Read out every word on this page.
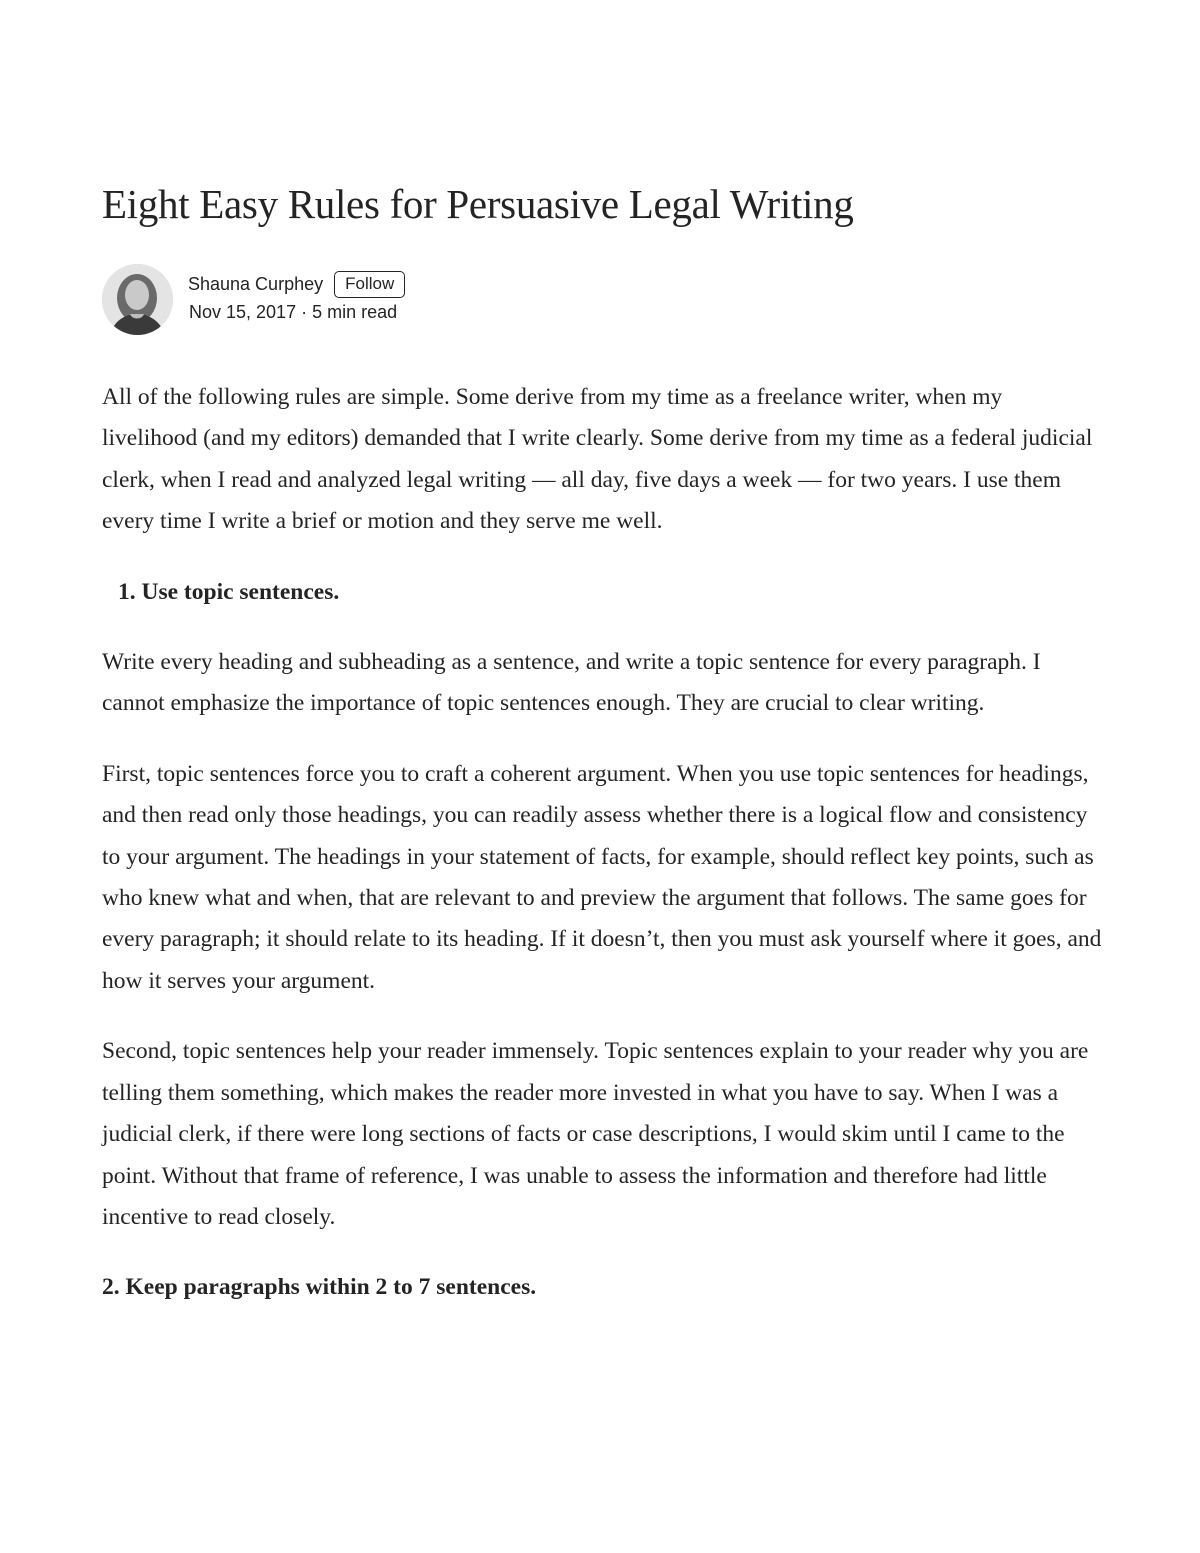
Eight Easy Rules for Persuasive Legal Writing
Shauna Curphey	Follow
Nov 15, 2017 · 5 min read

All of the following rules are simple. Some derive from my time as a freelance writer, when my livelihood (and my editors) demanded that I write clearly. Some derive from my time as a federal judicial clerk, when I read and analyzed legal writing — all day, five days a week — for two years. I use them every time I write a brief or motion and they serve me well.

1. Use topic sentences.

Write every heading and subheading as a sentence, and write a topic sentence for every paragraph. I cannot emphasize the importance of topic sentences enough. They are crucial to clear writing.

First, topic sentences force you to craft a coherent argument. When you use topic sentences for headings, and then read only those headings, you can readily assess whether there is a logical flow and consistency to your argument. The headings in your statement of facts, for example, should reflect key points, such as who knew what and when, that are relevant to and preview the argument that follows. The same goes for every paragraph; it should relate to its heading. If it doesn’t, then you must ask yourself where it goes, and how it serves your argument.

Second, topic sentences help your reader immensely. Topic sentences explain to your reader why you are telling them something, which makes the reader more invested in what you have to say. When I was a judicial clerk, if there were long sections of facts or case descriptions, I would skim until I came to the point. Without that frame of reference, I was unable to assess the information and therefore had little incentive to read closely.

2. Keep paragraphs within 2 to 7 sentences.
